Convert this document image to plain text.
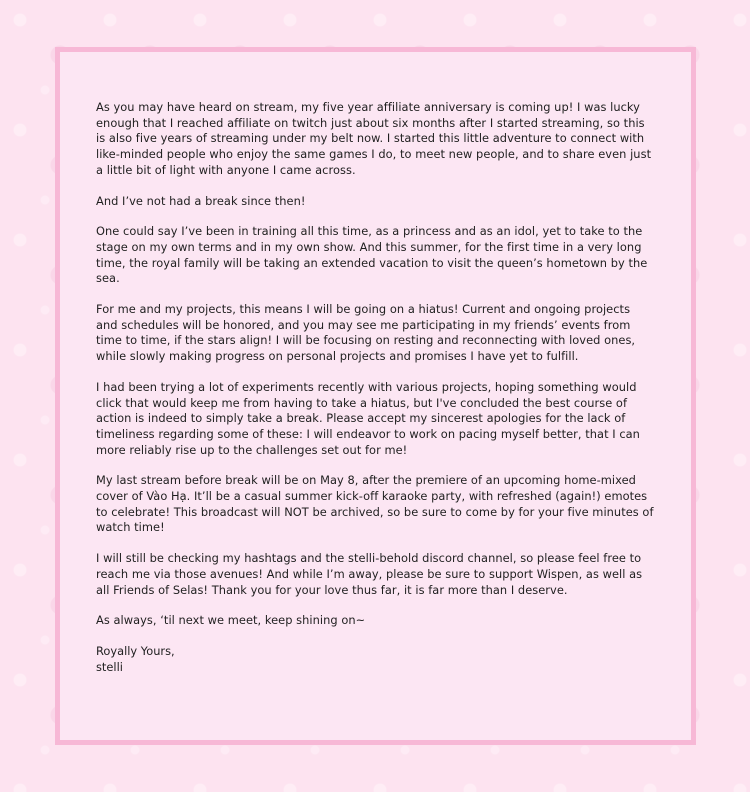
As you may have heard on stream, my five year affiliate anniversary is coming up! I was lucky enough that I reached affiliate on twitch just about six months after I started streaming, so this is also five years of streaming under my belt now. I started this little adventure to connect with like-minded people who enjoy the same games I do, to meet new people, and to share even just a little bit of light with anyone I came across.

And I’ve not had a break since then!

One could say I’ve been in training all this time, as a princess and as an idol, yet to take to the stage on my own terms and in my own show. And this summer, for the first time in a very long time, the royal family will be taking an extended vacation to visit the queen’s hometown by the sea.

For me and my projects, this means I will be going on a hiatus! Current and ongoing projects and schedules will be honored, and you may see me participating in my friends’ events from time to time, if the stars align! I will be focusing on resting and reconnecting with loved ones, while slowly making progress on personal projects and promises I have yet to fulfill.

I had been trying a lot of experiments recently with various projects, hoping something would click that would keep me from having to take a hiatus, but I've concluded the best course of action is indeed to simply take a break. Please accept my sincerest apologies for the lack of timeliness regarding some of these: I will endeavor to work on pacing myself better, that I can more reliably rise up to the challenges set out for me!

My last stream before break will be on May 8, after the premiere of an upcoming home-mixed cover of Vào Hạ. It’ll be a casual summer kick-off karaoke party, with refreshed (again!) emotes to celebrate! This broadcast will NOT be archived, so be sure to come by for your five minutes of watch time!

I will still be checking my hashtags and the stelli-behold discord channel, so please feel free to reach me via those avenues! And while I’m away, please be sure to support Wispen, as well as all Friends of Selas! Thank you for your love thus far, it is far more than I deserve.

As always, ‘til next we meet, keep shining on~

Royally Yours,

stelli
